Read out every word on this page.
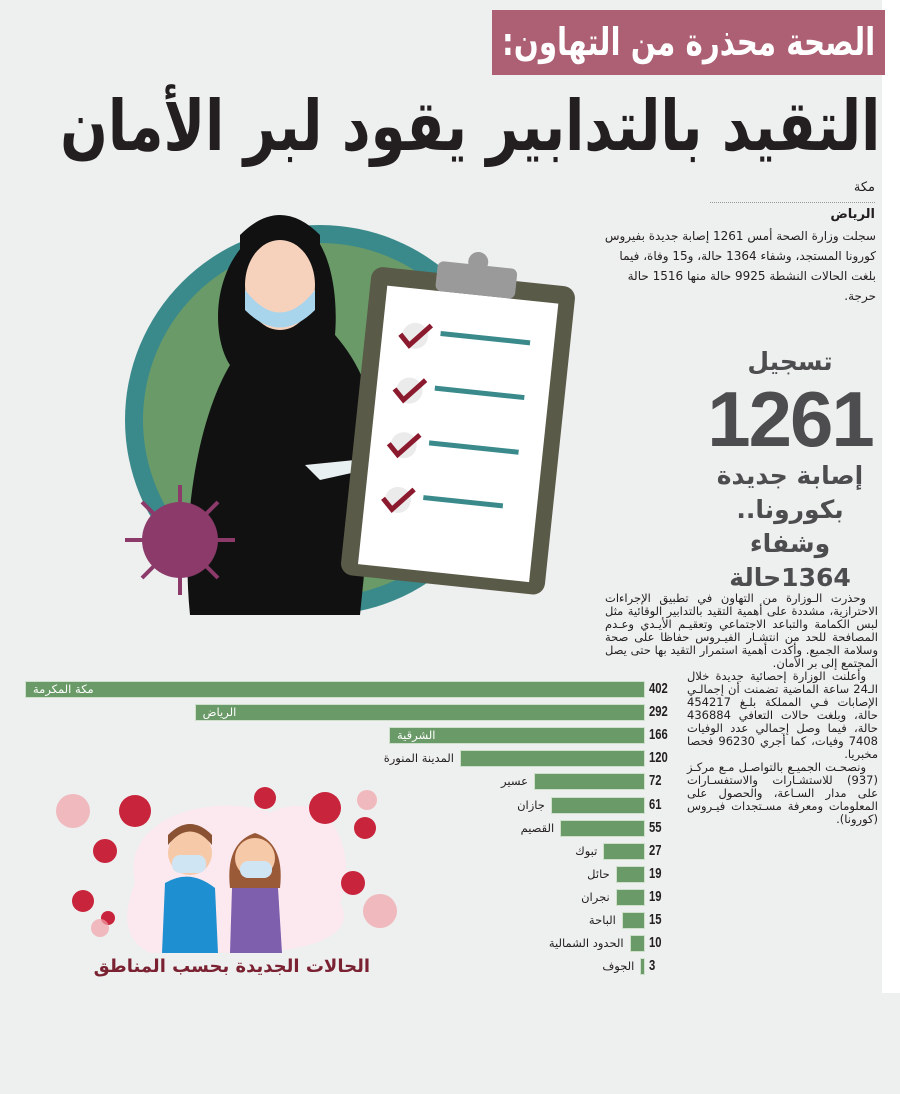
الصحة محذرة من التهاون:
التقيد بالتدابير يقود لبر الأمان
مكة
الرياض
سجلت وزارة الصحة أمس 1261 إصابة جديدة بفيروس كورونا المستجد، وشفاء 1364 حالة، و15 وفاة، فيما بلغت الحالات النشطة 9925 حالة منها 1516 حالة حرجة.
تسجيل
1261
إصابة جديدة
بكورونا..
وشفاء
1364حالة

وحذرت الـوزارة من التهاون في تطبيق الإجراءات الاحترازية، مشددة على أهمية التقيد بالتدابير الوقائية مثل لبس الكمامة والتباعد الاجتماعي وتعقيـم الأيـدي وعـدم المصافحة للحد من انتشـار الفيـروس حفاظا على صحة وسلامة الجميع. وأكدت أهمية استمرار التقيد بها حتى يصل المجتمع إلى بر الأمان.

وأعلنت الوزارة إحصائية جديدة خلال الـ24 ساعة الماضية تضمنت أن إجمالـي الإصابات فـي المملكة بلـغ 454217 حالة، وبلغت حالات التعافي 436884 حالة، فيما وصل إجمالي عدد الوفيات 7408 وفيات، كما أجري 96230 فحصا مخبريا.

ونصحـت الجميـع بالتواصـل مـع مركـز (937) للاستشـارات والاستفسـارات على مدار السـاعة، والحصول على المعلومات ومعرفة مسـتجدات فيـروس (كورونا).

الحالات الجديدة بحسب المناطق
402
مكة المكرمة
292
الرياض
166
الشرقية
120
المدينة المنورة
72
عسير
61
جازان
55
القصيم
27
تبوك
19
حائل
19
نجران
15
الباحة
10
الحدود الشمالية
3
الجوف
